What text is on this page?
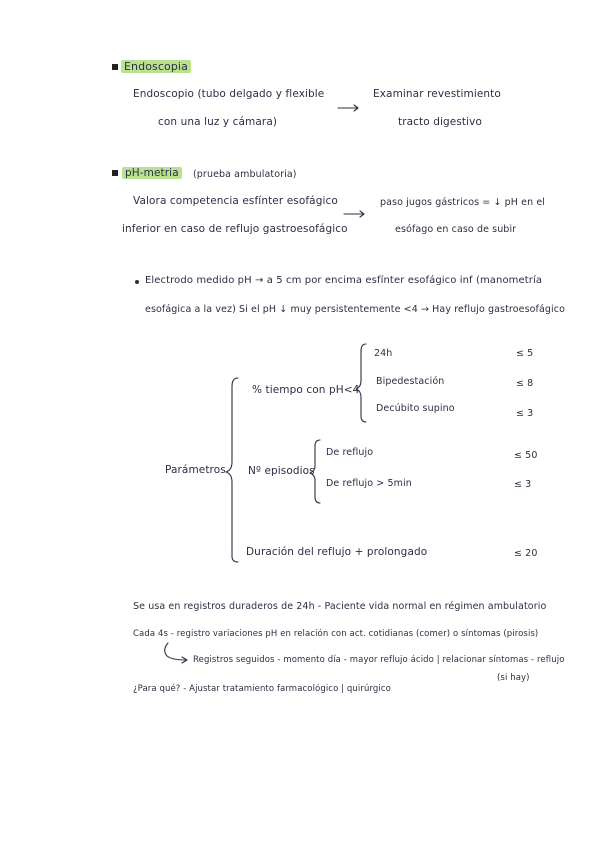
Endoscopia
Endoscopio (tubo delgado y flexible
con una luz y cámara)
Examinar revestimiento
tracto digestivo
pH-metria	(prueba ambulatoria)
Valora competencia esfínter esofágico
inferior en caso de reflujo gastroesofágico
paso jugos gástricos = ↓ pH en el
esófago en caso de subir
Electrodo medido pH → a 5 cm por encima esfínter esofágico inf (manometría
esofágica a la vez) Si el pH ↓ muy persistentemente <4 → Hay reflujo gastroesofágico
Parámetros
% tiempo con pH<4
24h
Bipedestación
Decúbito supino
≤ 5
≤ 8
≤ 3
Nº episodios
De reflujo
De reflujo > 5min
≤ 50
≤ 3
Duración del reflujo + prolongado	≤ 20
Se usa en registros duraderos de 24h - Paciente vida normal en régimen ambulatorio
Cada 4s - registro variaciones pH en relación con act. cotidianas (comer) o síntomas (pirosis)
Registros seguidos - momento día - mayor reflujo ácido | relacionar síntomas - reflujo
(si hay)
¿Para qué? - Ajustar tratamiento farmacológico | quirúrgico
